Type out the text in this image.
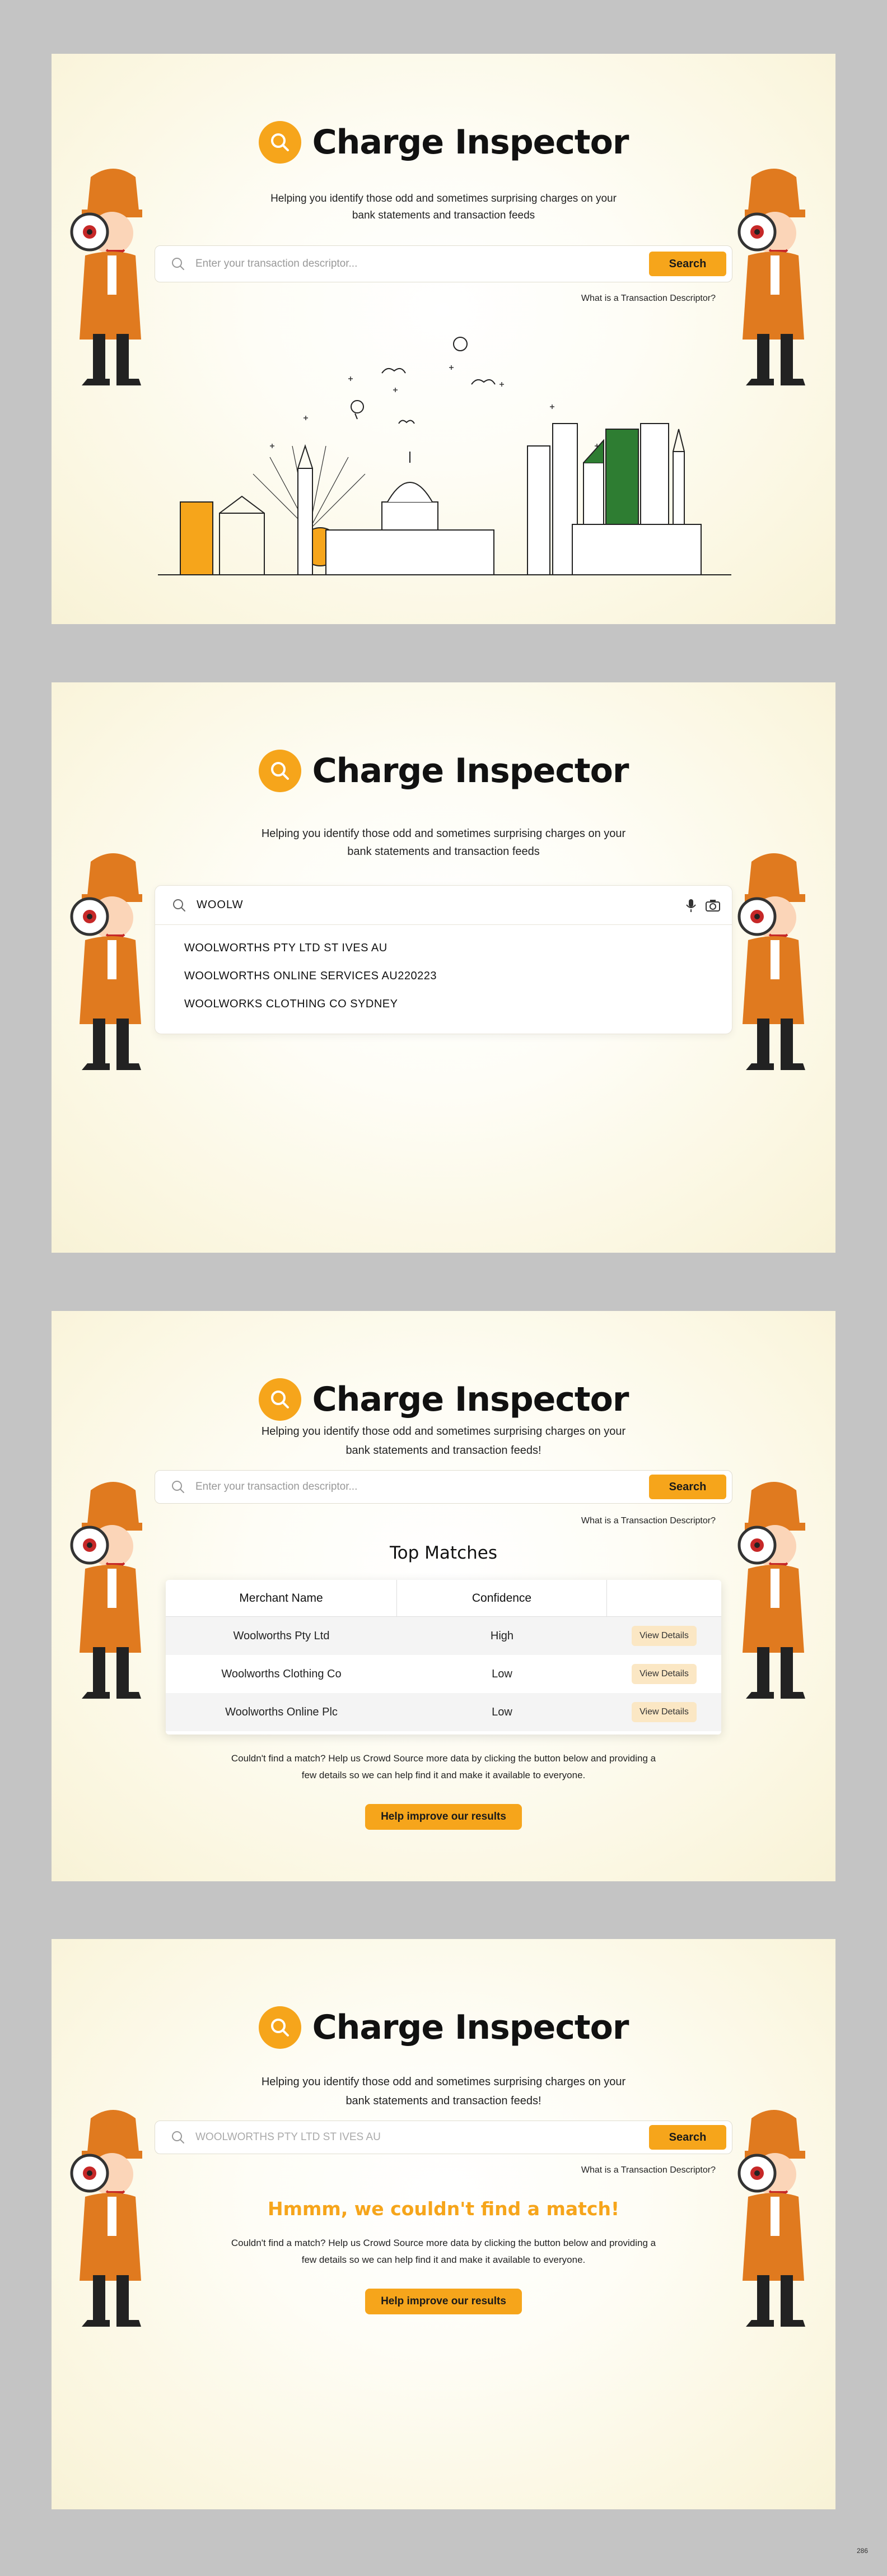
Charge Inspector
Helping you identify those odd and sometimes surprising charges on your bank statements and transaction feeds
Enter your transaction descriptor...	Search
What is a Transaction Descriptor?
Charge Inspector
Helping you identify those odd and sometimes surprising charges on your bank statements and transaction feeds
WOOLW
WOOLWORTHS PTY LTD ST IVES AU
WOOLWORTHS ONLINE SERVICES AU220223
WOOLWORKS CLOTHING CO SYDNEY
Charge Inspector
Helping you identify those odd and sometimes surprising charges on your bank statements and transaction feeds!
Enter your transaction descriptor...	Search
What is a Transaction Descriptor?
Top Matches
Merchant Name	Confidence
Woolworths Pty Ltd	High	View Details
Woolworths Clothing Co	Low	View Details
Woolworths Online Plc	Low	View Details
Couldn't find a match? Help us Crowd Source more data by clicking the button below and providing a few details so we can help find it and make it available to everyone.
Help improve our results
Charge Inspector
Helping you identify those odd and sometimes surprising charges on your bank statements and transaction feeds!
WOOLWORTHS PTY LTD ST IVES AU	Search
What is a Transaction Descriptor?
Hmmm, we couldn't find a match!
Couldn't find a match? Help us Crowd Source more data by clicking the button below and providing a few details so we can help find it and make it available to everyone.
Help improve our results
286
